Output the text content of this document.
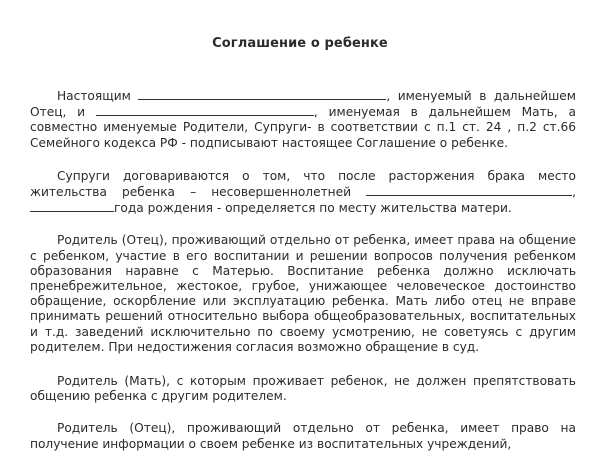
Соглашение о ребенке

Настоящим	, именуемый в дальнейшем Отец, и	, именуемая в дальнейшем Мать, а совместно именуемые Родители, Супруги- в соответствии с п.1 ст. 24 , п.2 ст.66 Семейного кодекса РФ - подписывают настоящее Соглашение о ребенке.

Супруги договариваются о том, что после расторжения брака место жительства ребенка – несовершеннолетней	, года рождения - определяется по месту жительства матери.

Родитель (Отец), проживающий отдельно от ребенка, имеет права на общение с ребенком, участие в его воспитании и решении вопросов получения ребенком образования наравне с Матерью. Воспитание ребенка должно исключать пренебрежительное, жестокое, грубое, унижающее человеческое достоинство обращение, оскорбление или эксплуатацию ребенка. Мать либо отец не вправе принимать решений относительно выбора общеобразовательных, воспитательных и т.д. заведений исключительно по своему усмотрению, не советуясь с другим родителем. При недостижения согласия возможно обращение в суд.

Родитель (Мать), с которым проживает ребенок, не должен препятствовать общению ребенка с другим родителем.

Родитель (Отец), проживающий отдельно от ребенка, имеет право на получение информации о своем ребенке из воспитательных учреждений,
